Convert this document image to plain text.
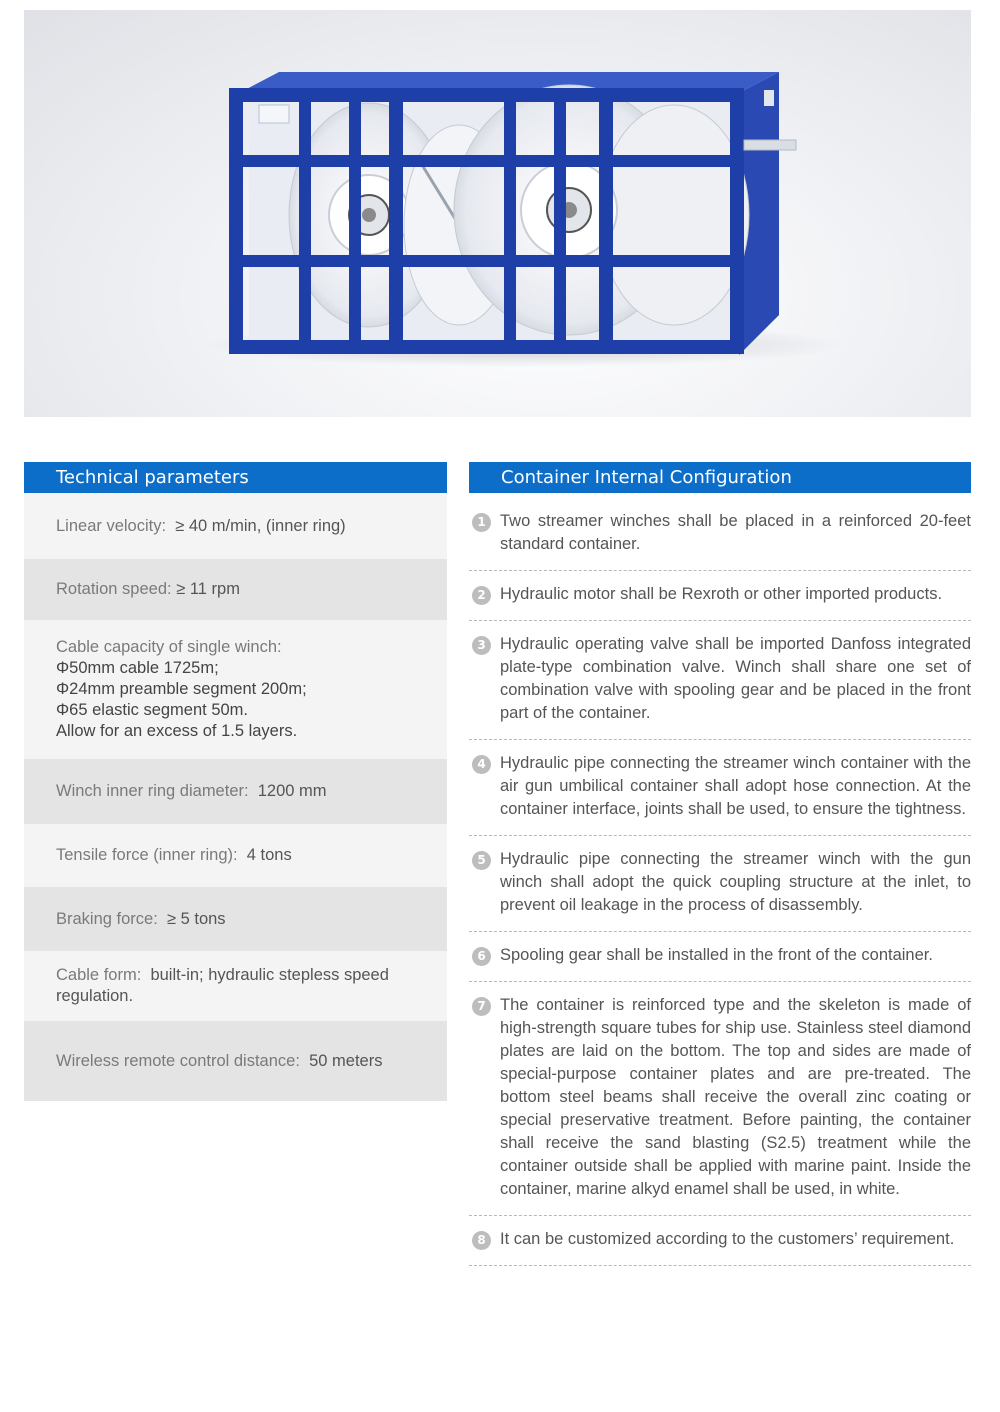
Technical parameters
Linear velocity: ≥ 40 m/min, (inner ring)
Rotation speed: ≥ 11 rpm
Cable capacity of single winch:
Φ50mm cable 1725m;
Φ24mm preamble segment 200m;
Φ65 elastic segment 50m.
Allow for an excess of 1.5 layers.
Winch inner ring diameter: 1200 mm
Tensile force (inner ring): 4 tons
Braking force: ≥ 5 tons
Cable form: built-in; hydraulic stepless speed regulation.
Wireless remote control distance: 50 meters
Container Internal Configuration
1 Two streamer winches shall be placed in a reinforced 20-feet standard container.
2 Hydraulic motor shall be Rexroth or other imported products.
3 Hydraulic operating valve shall be imported Danfoss integrated plate-type combination valve. Winch shall share one set of combination valve with spooling gear and be placed in the front part of the container.
4 Hydraulic pipe connecting the streamer winch container with the air gun umbilical container shall adopt hose connection. At the container interface, joints shall be used, to ensure the tightness.
5 Hydraulic pipe connecting the streamer winch with the gun winch shall adopt the quick coupling structure at the inlet, to prevent oil leakage in the process of disassembly.
6 Spooling gear shall be installed in the front of the container.
7 The container is reinforced type and the skeleton is made of high-strength square tubes for ship use. Stainless steel diamond plates are laid on the bottom. The top and sides are made of special-purpose container plates and are pre-treated. The bottom steel beams shall receive the overall zinc coating or special preservative treatment. Before painting, the container shall receive the sand blasting (S2.5) treatment while the container outside shall be applied with marine paint. Inside the container, marine alkyd enamel shall be used, in white.
8 It can be customized according to the customers’ requirement.
